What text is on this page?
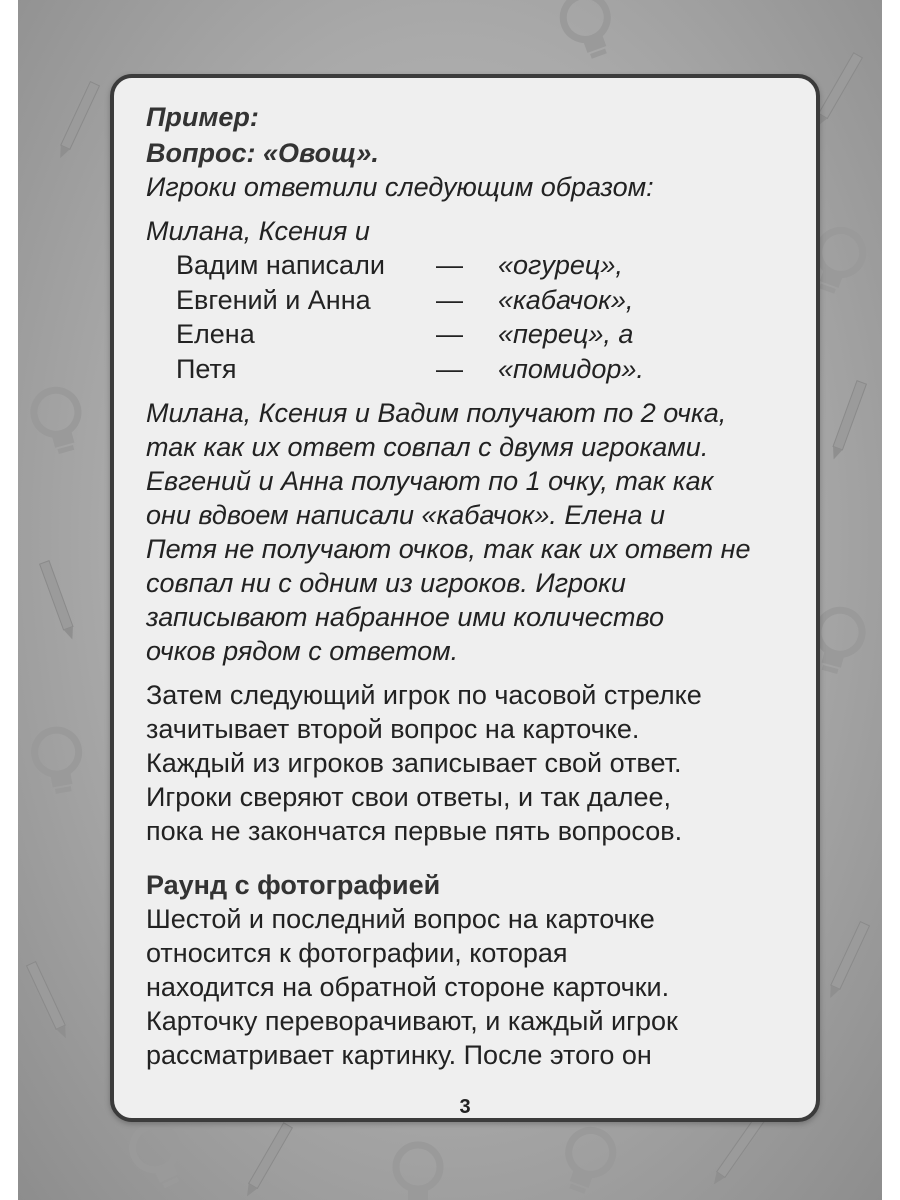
Пример:

Вопрос: «Овощ».

Игроки ответили следующим образом:

Милана, Ксения и

Вадим написали	—	«огурец»,
Евгений и Анна	—	«кабачок»,
Елена	—	«перец», а
Петя	—	«помидор».

Милана, Ксения и Вадим получают по 2 очка,

так как их ответ совпал с двумя игроками.

Евгений и Анна получают по 1 очку, так как

они вдвоем написали «кабачок». Елена и

Петя не получают очков, так как их ответ не

совпал ни с одним из игроков. Игроки

записывают набранное ими количество

очков рядом с ответом.

Затем следующий игрок по часовой стрелке

зачитывает второй вопрос на карточке.

Каждый из игроков записывает свой ответ.

Игроки сверяют свои ответы, и так далее,

пока не закончатся первые пять вопросов.

Раунд с фотографией

Шестой и последний вопрос на карточке

относится к фотографии, которая

находится на обратной стороне карточки.

Карточку переворачивают, и каждый игрок

рассматривает картинку. После этого он

3
